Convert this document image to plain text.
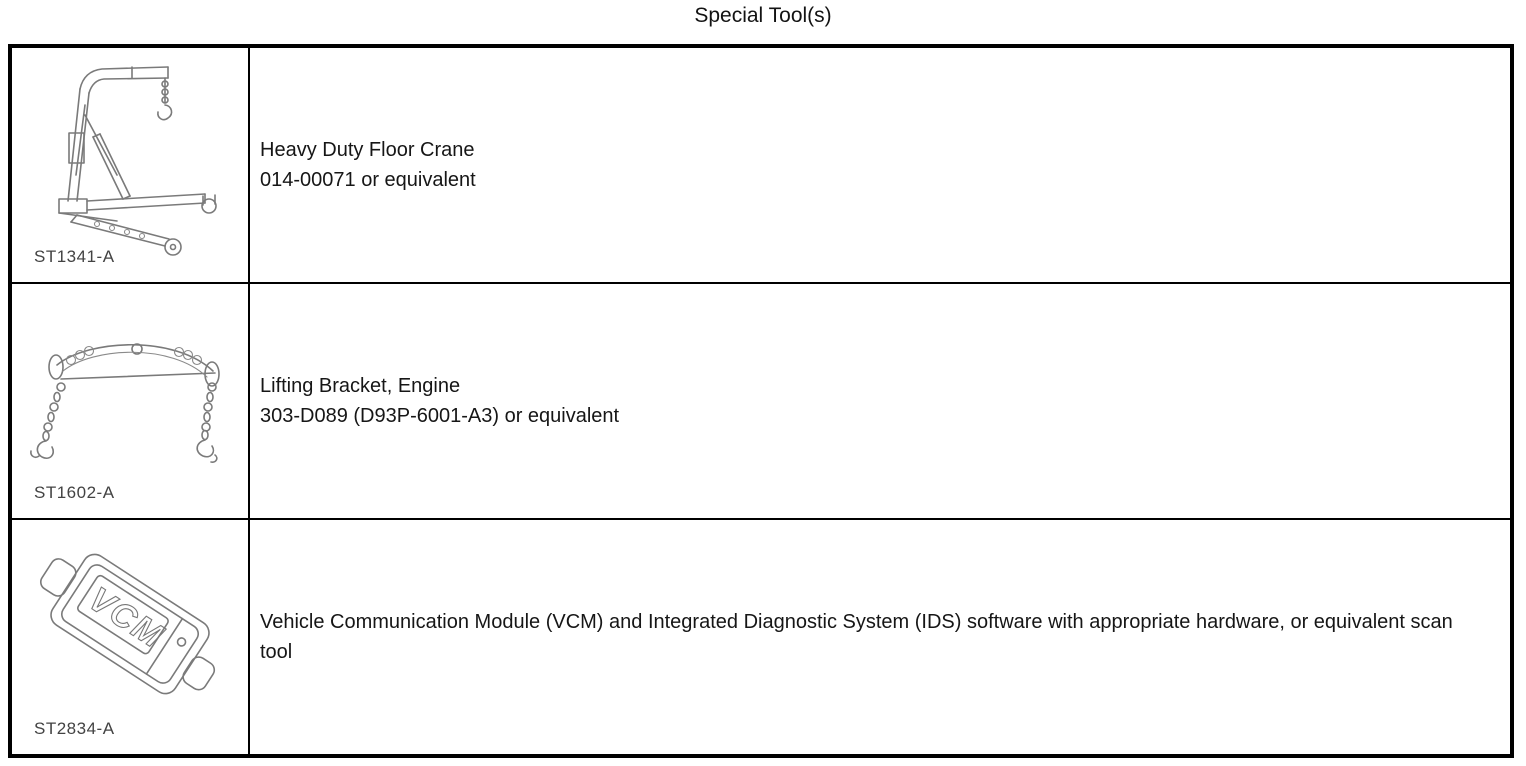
Special Tool(s)
ST1341-A
Heavy Duty Floor Crane
014-00071 or equivalent
ST1602-A
Lifting Bracket, Engine
303-D089 (D93P-6001-A3) or equivalent
VCM
ST2834-A
Vehicle Communication Module (VCM) and Integrated Diagnostic System (IDS) software with appropriate hardware, or equivalent scan tool
